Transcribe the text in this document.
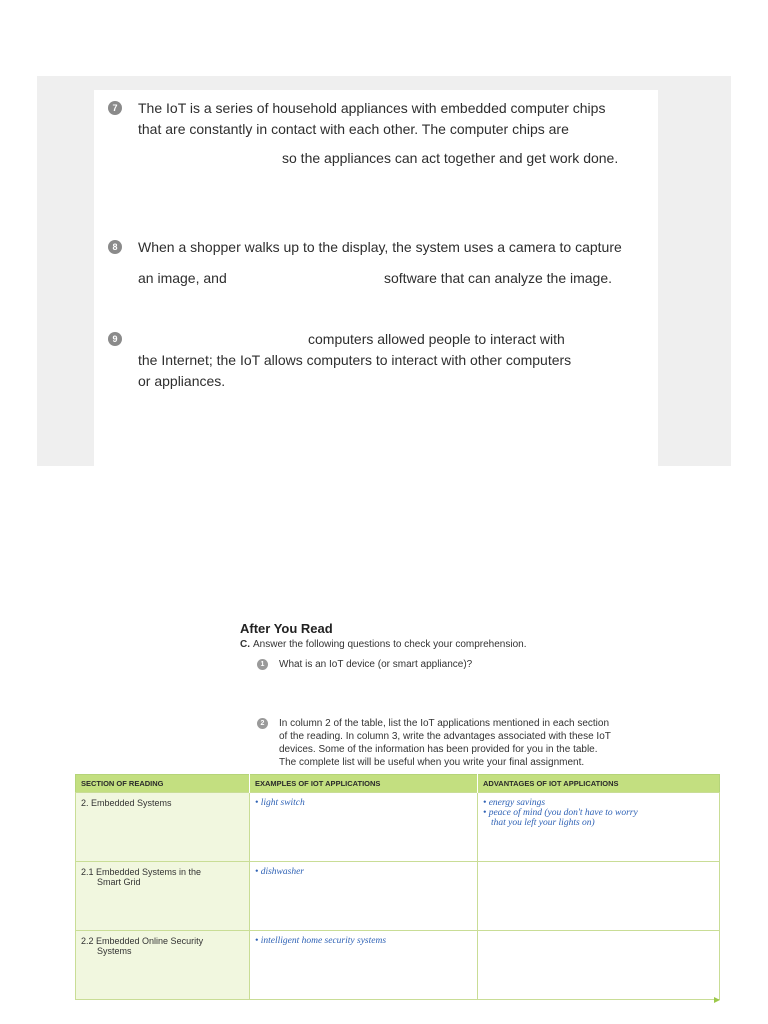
7	The IoT is a series of household appliances with embedded computer chips
that are constantly in contact with each other. The computer chips are
so the appliances can act together and get work done.
8	When a shopper walks up to the display, the system uses a camera to capture
an image, and	software that can analyze the image.
9	computers allowed people to interact with
the Internet; the IoT allows computers to interact with other computers
or appliances.
After You Read
C. Answer the following questions to check your comprehension.
1	What is an IoT device (or smart appliance)?
2	In column 2 of the table, list the IoT applications mentioned in each section
of the reading. In column 3, write the advantages associated with these IoT
devices. Some of the information has been provided for you in the table.
The complete list will be useful when you write your final assignment.
SECTION OF READING	EXAMPLES OF IOT APPLICATIONS	ADVANTAGES OF IOT APPLICATIONS
2. Embedded Systems	• light switch	• energy savings
• peace of mind (you don't have to worry
that you left your lights on)

2.1 Embedded Systems in the
Smart Grid	• dishwasher	

2.2 Embedded Online Security
Systems	• intelligent home security systems	
